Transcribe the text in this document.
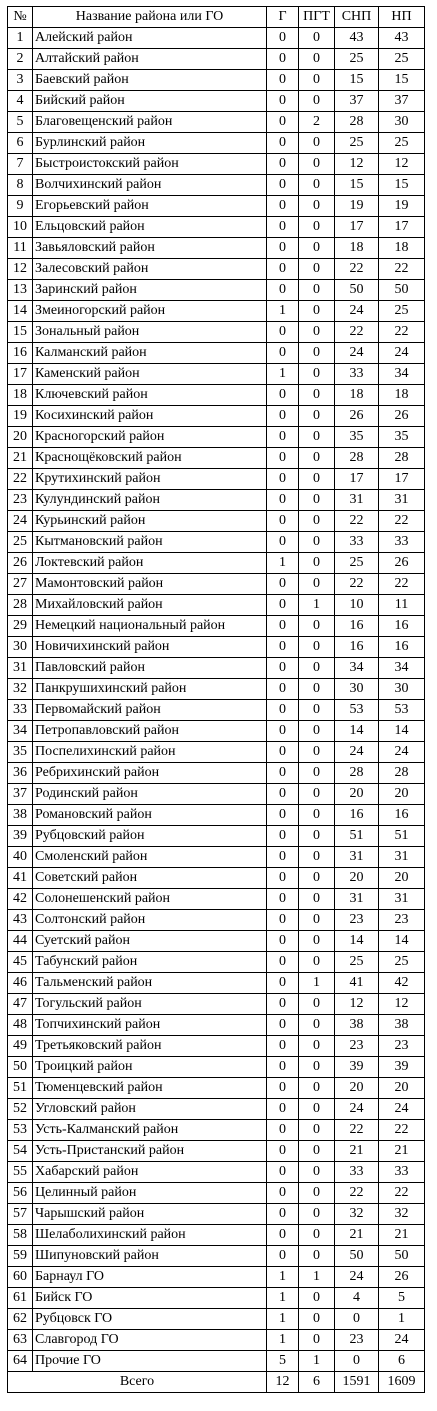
№	Название района или ГО	Г	ПГТ	СНП	НП
1	Алейский район	0	0	43	43
2	Алтайский район	0	0	25	25
3	Баевский район	0	0	15	15
4	Бийский район	0	0	37	37
5	Благовещенский район	0	2	28	30
6	Бурлинский район	0	0	25	25
7	Быстроистокский район	0	0	12	12
8	Волчихинский район	0	0	15	15
9	Егорьевский район	0	0	19	19
10	Ельцовский район	0	0	17	17
11	Завьяловский район	0	0	18	18
12	Залесовский район	0	0	22	22
13	Заринский район	0	0	50	50
14	Змеиногорский район	1	0	24	25
15	Зональный район	0	0	22	22
16	Калманский район	0	0	24	24
17	Каменский район	1	0	33	34
18	Ключевский район	0	0	18	18
19	Косихинский район	0	0	26	26
20	Красногорский район	0	0	35	35
21	Краснощёковский район	0	0	28	28
22	Крутихинский район	0	0	17	17
23	Кулундинский район	0	0	31	31
24	Курьинский район	0	0	22	22
25	Кытмановский район	0	0	33	33
26	Локтевский район	1	0	25	26
27	Мамонтовский район	0	0	22	22
28	Михайловский район	0	1	10	11
29	Немецкий национальный район	0	0	16	16
30	Новичихинский район	0	0	16	16
31	Павловский район	0	0	34	34
32	Панкрушихинский район	0	0	30	30
33	Первомайский район	0	0	53	53
34	Петропавловский район	0	0	14	14
35	Поспелихинский район	0	0	24	24
36	Ребрихинский район	0	0	28	28
37	Родинский район	0	0	20	20
38	Романовский район	0	0	16	16
39	Рубцовский район	0	0	51	51
40	Смоленский район	0	0	31	31
41	Советский район	0	0	20	20
42	Солонешенский район	0	0	31	31
43	Солтонский район	0	0	23	23
44	Суетский район	0	0	14	14
45	Табунский район	0	0	25	25
46	Тальменский район	0	1	41	42
47	Тогульский район	0	0	12	12
48	Топчихинский район	0	0	38	38
49	Третьяковский район	0	0	23	23
50	Троицкий район	0	0	39	39
51	Тюменцевский район	0	0	20	20
52	Угловский район	0	0	24	24
53	Усть-Калманский район	0	0	22	22
54	Усть-Пристанский район	0	0	21	21
55	Хабарский район	0	0	33	33
56	Целинный район	0	0	22	22
57	Чарышский район	0	0	32	32
58	Шелаболихинский район	0	0	21	21
59	Шипуновский район	0	0	50	50
60	Барнаул ГО	1	1	24	26
61	Бийск ГО	1	0	4	5
62	Рубцовск ГО	1	0	0	1
63	Славгород ГО	1	0	23	24
64	Прочие ГО	5	1	0	6
Всего		12	6	1591	1609
